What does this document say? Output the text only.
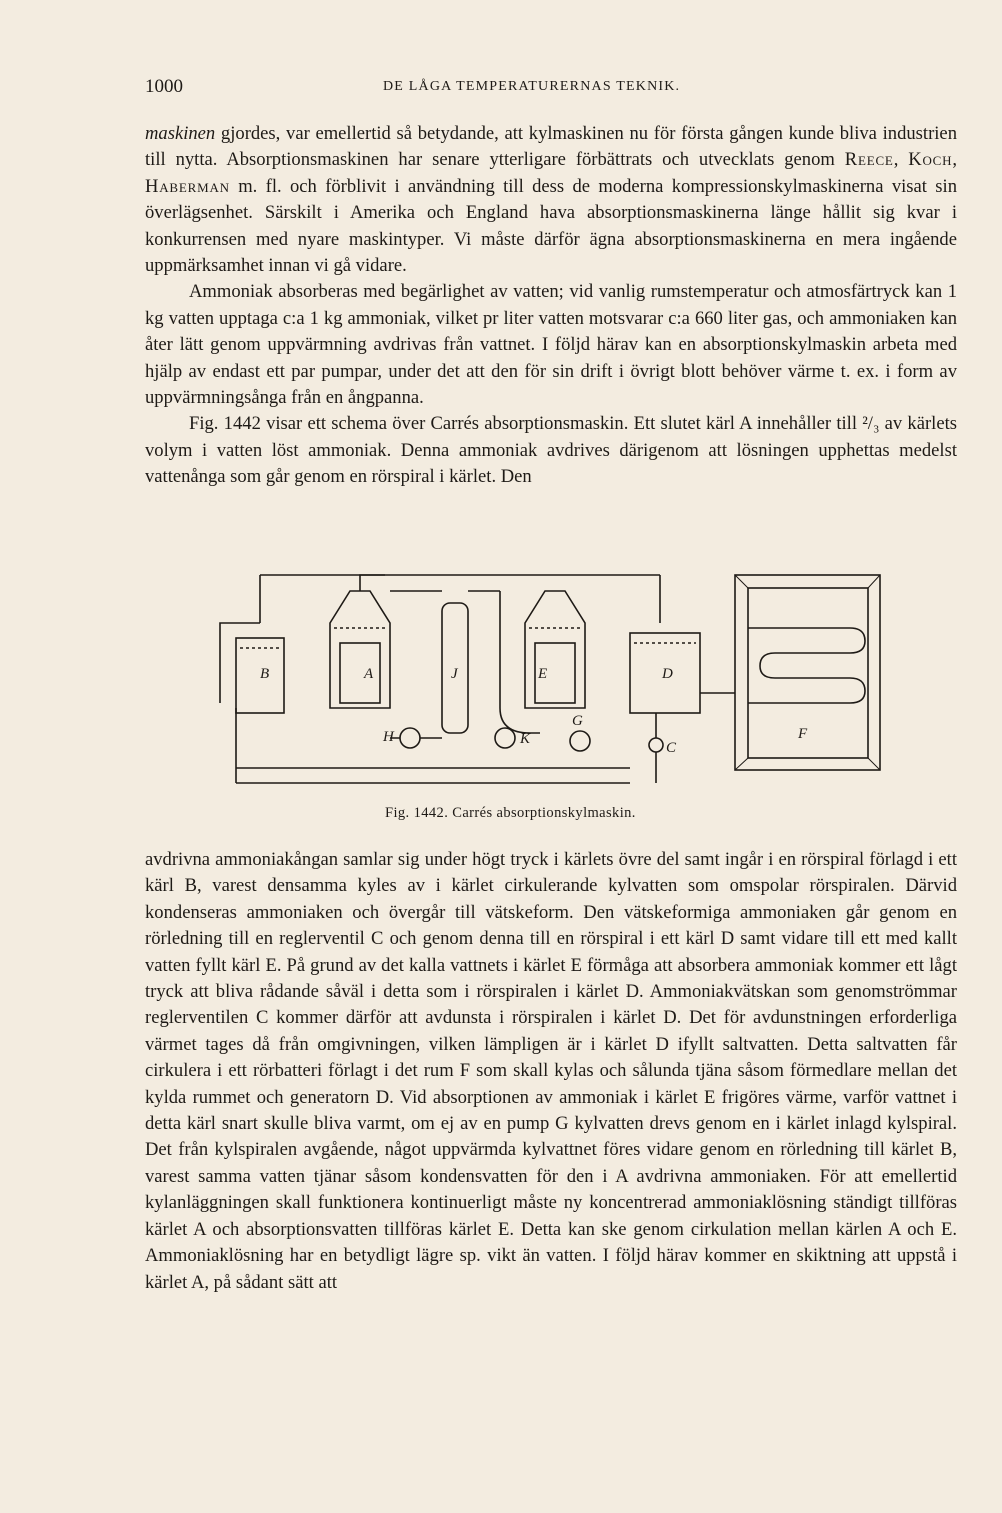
1000	DE LÅGA TEMPERATURERNAS TEKNIK.

maskinen gjordes, var emellertid så betydande, att kylmaskinen nu för första gången kunde bliva industrien till nytta. Absorptionsmaskinen har senare ytterligare förbättrats och utvecklats genom Reece, Koch, Haberman m. fl. och förblivit i användning till dess de moderna kompressionskylmaskinerna visat sin överlägsenhet. Särskilt i Amerika och England hava absorptionsmaskinerna länge hållit sig kvar i konkurrensen med nyare maskintyper. Vi måste därför ägna absorptionsmaskinerna en mera ingående uppmärksamhet innan vi gå vidare.

Ammoniak absorberas med begärlighet av vatten; vid vanlig rumstemperatur och atmosfärtryck kan 1 kg vatten upptaga c:a 1 kg ammoniak, vilket pr liter vatten motsvarar c:a 660 liter gas, och ammoniaken kan åter lätt genom uppvärmning avdrivas från vattnet. I följd härav kan en absorptionskylmaskin arbeta med hjälp av endast ett par pumpar, under det att den för sin drift i övrigt blott behöver värme t. ex. i form av uppvärmningsånga från en ångpanna.

Fig. 1442 visar ett schema över Carrés absorptionsmaskin. Ett slutet kärl A innehåller till ²/₃ av kärlets volym i vatten löst ammoniak. Denna ammoniak avdrives därigenom att lösningen upphettas medelst vattenånga som går genom en rörspiral i kärlet. Den

B	A	J	E	D
F
H	K
G
C
Fig. 1442. Carrés absorptionskylmaskin.

avdrivna ammoniakångan samlar sig under högt tryck i kärlets övre del samt ingår i en rörspiral förlagd i ett kärl B, varest densamma kyles av i kärlet cirkulerande kylvatten som omspolar rörspiralen. Därvid kondenseras ammoniaken och övergår till vätskeform. Den vätskeformiga ammoniaken går genom en rörledning till en reglerventil C och genom denna till en rörspiral i ett kärl D samt vidare till ett med kallt vatten fyllt kärl E. På grund av det kalla vattnets i kärlet E förmåga att absorbera ammoniak kommer ett lågt tryck att bliva rådande såväl i detta som i rörspiralen i kärlet D. Ammoniakvätskan som genomströmmar reglerventilen C kommer därför att avdunsta i rörspiralen i kärlet D. Det för avdunstningen erforderliga värmet tages då från omgivningen, vilken lämpligen är i kärlet D ifyllt saltvatten. Detta saltvatten får cirkulera i ett rörbatteri förlagt i det rum F som skall kylas och sålunda tjäna såsom förmedlare mellan det kylda rummet och generatorn D. Vid absorptionen av ammoniak i kärlet E frigöres värme, varför vattnet i detta kärl snart skulle bliva varmt, om ej av en pump G kylvatten drevs genom en i kärlet inlagd kylspiral. Det från kylspiralen avgående, något uppvärmda kylvattnet föres vidare genom en rörledning till kärlet B, varest samma vatten tjänar såsom kondensvatten för den i A avdrivna ammoniaken. För att emellertid kylanläggningen skall funktionera kontinuerligt måste ny koncentrerad ammoniaklösning ständigt tillföras kärlet A och absorptionsvatten tillföras kärlet E. Detta kan ske genom cirkulation mellan kärlen A och E. Ammoniaklösning har en betydligt lägre sp. vikt än vatten. I följd härav kommer en skiktning att uppstå i kärlet A, på sådant sätt att
